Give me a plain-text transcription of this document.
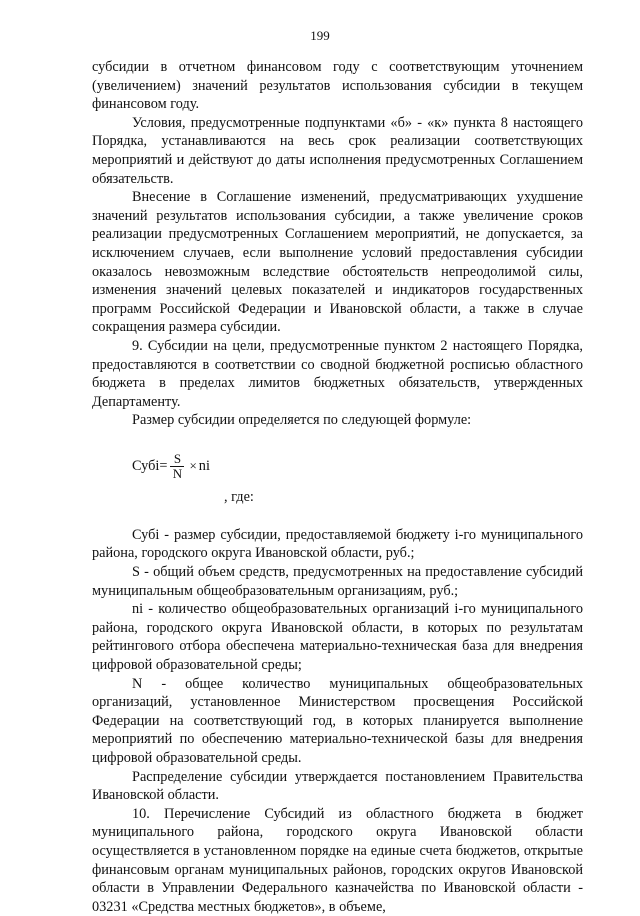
199

субсидии в отчетном финансовом году с соответствующим уточнением (увеличением) значений результатов использования субсидии в текущем финансовом году.

Условия, предусмотренные подпунктами «б» - «к» пункта 8 настоящего Порядка, устанавливаются на весь срок реализации соответствующих мероприятий и действуют до даты исполнения предусмотренных Соглашением обязательств.

Внесение в Соглашение изменений, предусматривающих ухудшение значений результатов использования субсидии, а также увеличение сроков реализации предусмотренных Соглашением мероприятий, не допускается, за исключением случаев, если выполнение условий предоставления субсидии оказалось невозможным вследствие обстоятельств непреодолимой силы, изменения значений целевых показателей и индикаторов государственных программ Российской Федерации и Ивановской области, а также в случае сокращения размера субсидии.

9. Субсидии на цели, предусмотренные пунктом 2 настоящего Порядка, предоставляются в соответствии со сводной бюджетной росписью областного бюджета в пределах лимитов бюджетных обязательств, утвержденных Департаменту.

Размер субсидии определяется по следующей формуле:

Субi= $\frac{S}{N}$ × ni
, где:

Субi - размер субсидии, предоставляемой бюджету i-го муниципального района, городского округа Ивановской области, руб.;

S - общий объем средств, предусмотренных на предоставление субсидий муниципальным общеобразовательным организациям, руб.;

ni - количество общеобразовательных организаций i-го муниципального района, городского округа Ивановской области, в которых по результатам рейтингового отбора обеспечена материально-техническая база для внедрения цифровой образовательной среды;

N - общее количество муниципальных общеобразовательных организаций, установленное Министерством просвещения Российской Федерации на соответствующий год, в которых планируется выполнение мероприятий по обеспечению материально-технической базы для внедрения цифровой образовательной среды.

Распределение субсидии утверждается постановлением Правительства Ивановской области.

10. Перечисление Субсидий из областного бюджета в бюджет муниципального района, городского округа Ивановской области осуществляется в установленном порядке на единые счета бюджетов, открытые финансовым органам муниципальных районов, городских округов Ивановской области в Управлении Федерального казначейства по Ивановской области - 03231 «Средства местных бюджетов», в объеме,
